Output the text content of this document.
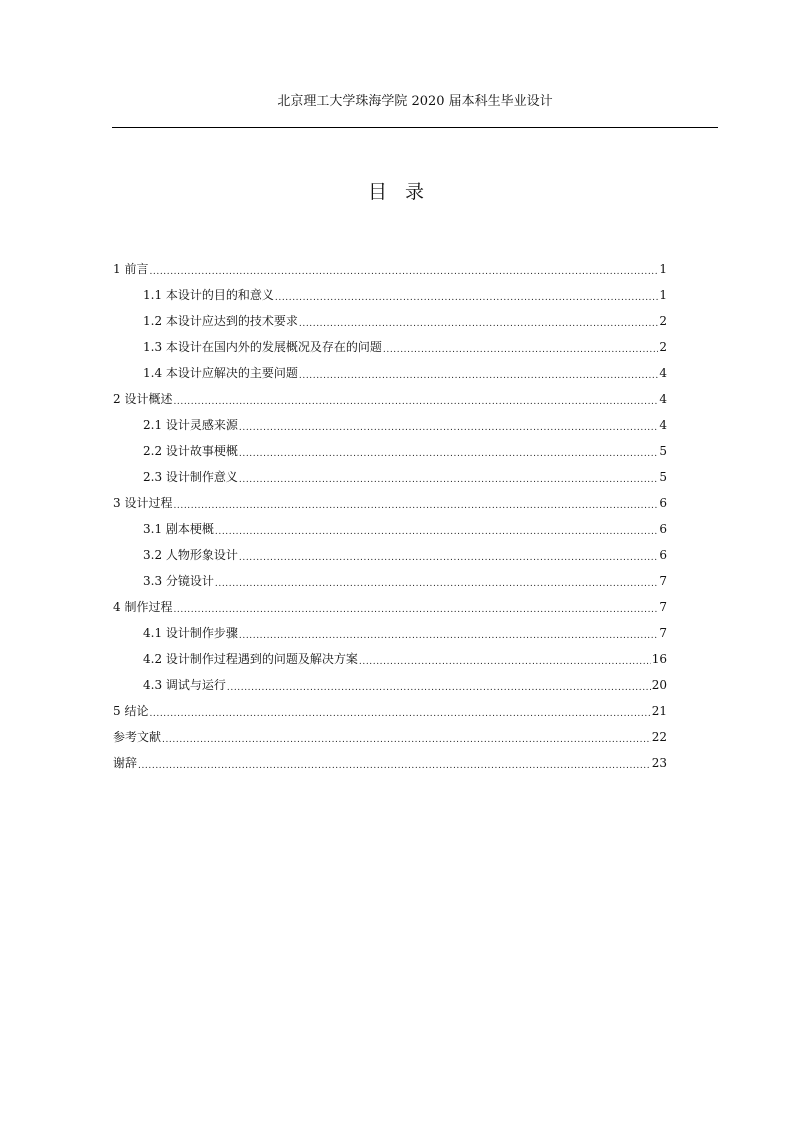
北京理工大学珠海学院 2020 届本科生毕业设计
目录
1 前言 .....	1
1.1 本设计的目的和意义 .....	1
1.2 本设计应达到的技术要求 .....	2
1.3 本设计在国内外的发展概况及存在的问题 .....	2
1.4 本设计应解决的主要问题 .....	4
2 设计概述 .....	4
2.1 设计灵感来源 .....	4
2.2 设计故事梗概 .....	5
2.3 设计制作意义 .....	5
3 设计过程 .....	6
3.1 剧本梗概 .....	6
3.2 人物形象设计 .....	6
3.3 分镜设计 .....	7
4 制作过程 .....	7
4.1 设计制作步骤 .....	7
4.2 设计制作过程遇到的问题及解决方案 .....	16
4.3 调试与运行 .....	20
5 结论 .....	21
参考文献 .....	22
谢辞 .....	23
